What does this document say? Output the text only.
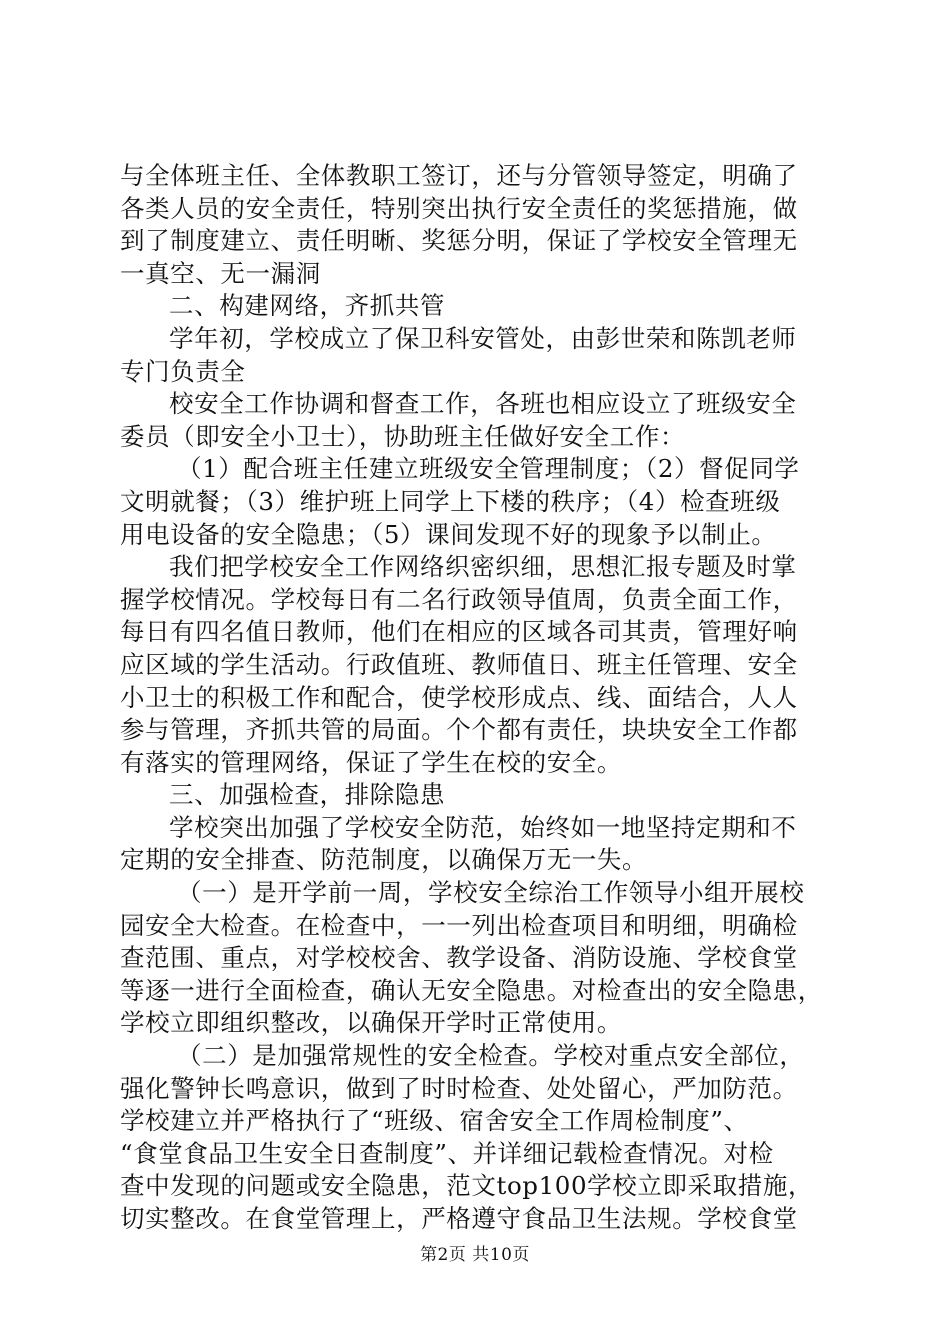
与全体班主任、全体教职工签订，还与分管领导签定，明确了
各类人员的安全责任，特别突出执行安全责任的奖惩措施，做
到了制度建立、责任明晰、奖惩分明，保证了学校安全管理无
一真空、无一漏洞
二、构建网络，齐抓共管
学年初，学校成立了保卫科安管处，由彭世荣和陈凯老师
专门负责全
校安全工作协调和督查工作，各班也相应设立了班级安全
委员（即安全小卫士），协助班主任做好安全工作：
（1）配合班主任建立班级安全管理制度；（2）督促同学
文明就餐；（3）维护班上同学上下楼的秩序；（4）检查班级
用电设备的安全隐患；（5）课间发现不好的现象予以制止。
我们把学校安全工作网络织密织细，思想汇报专题及时掌
握学校情况。学校每日有二名行政领导值周，负责全面工作，
每日有四名值日教师，他们在相应的区域各司其责，管理好响
应区域的学生活动。行政值班、教师值日、班主任管理、安全
小卫士的积极工作和配合，使学校形成点、线、面结合，人人
参与管理，齐抓共管的局面。个个都有责任，块块安全工作都
有落实的管理网络，保证了学生在校的安全。
三、加强检查，排除隐患
学校突出加强了学校安全防范，始终如一地坚持定期和不
定期的安全排查、防范制度，以确保万无一失。
（一）是开学前一周，学校安全综治工作领导小组开展校
园安全大检查。在检查中，一一列出检查项目和明细，明确检
查范围、重点，对学校校舍、教学设备、消防设施、学校食堂
等逐一进行全面检查，确认无安全隐患。对检查出的安全隐患，
学校立即组织整改，以确保开学时正常使用。
（二）是加强常规性的安全检查。学校对重点安全部位，
强化警钟长鸣意识，做到了时时检查、处处留心，严加防范。
学校建立并严格执行了“班级、宿舍安全工作周检制度”、
“食堂食品卫生安全日查制度”、并详细记载检查情况。对检
查中发现的问题或安全隐患，范文top100学校立即采取措施，
切实整改。在食堂管理上，严格遵守食品卫生法规。学校食堂
第2页 共10页
